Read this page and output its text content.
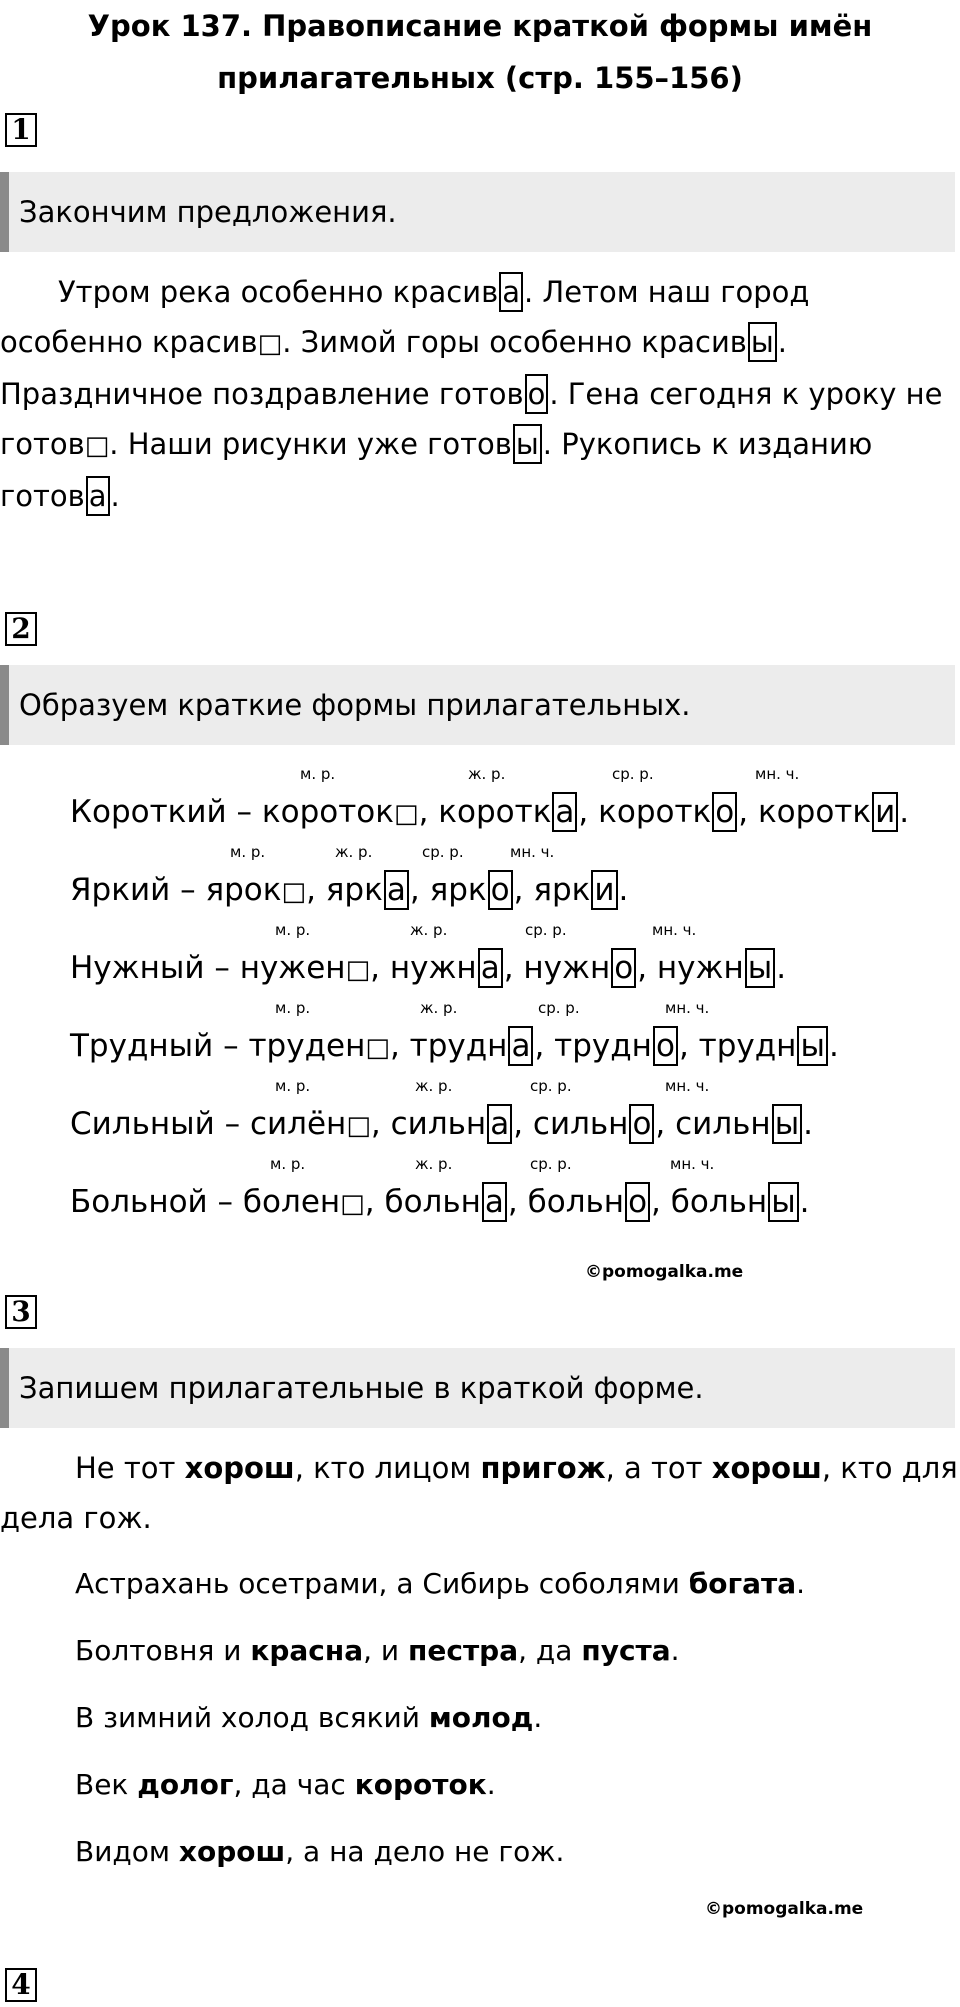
Урок 137. Правописание краткой формы имён
прилагательных (стр. 155–156)
1
Закончим предложения.
Утром река особенно красив а . Летом наш город
особенно красив□. Зимой горы особенно красив ы .
Праздничное поздравление готов о . Гена сегодня к уроку не
готов□. Наши рисунки уже готов ы . Рукопись к изданию
готов а .
2
Образуем краткие формы прилагательных.
м. р.	ж. р.	ср. р.	мн. ч.
Короткий – короток□, коротк а , коротк о , коротк и .
м. р.	ж. р.	ср. р.	мн. ч.
Яркий – ярок□, ярк а , ярк о , ярк и .
м. р.	ж. р.	ср. р.	мн. ч.
Нужный – нужен□, нужн а , нужн о , нужн ы .
м. р.	ж. р.	ср. р.	мн. ч.
Трудный – труден□, трудн а , трудн о , трудн ы .
м. р.	ж. р.	ср. р.	мн. ч.
Сильный – силён□, сильн а , сильн о , сильн ы .
м. р.	ж. р.	ср. р.	мн. ч.
Больной – болен□, больн а , больн о , больн ы .
©pomogalka.me
3
Запишем прилагательные в краткой форме.
Не тот хорош, кто лицом пригож, а тот хорош, кто для
дела гож.
Астрахань осетрами, а Сибирь соболями богата.
Болтовня и красна, и пестра, да пуста.
В зимний холод всякий молод.
Век долог, да час короток.
Видом хорош, а на дело не гож.
©pomogalka.me
4
